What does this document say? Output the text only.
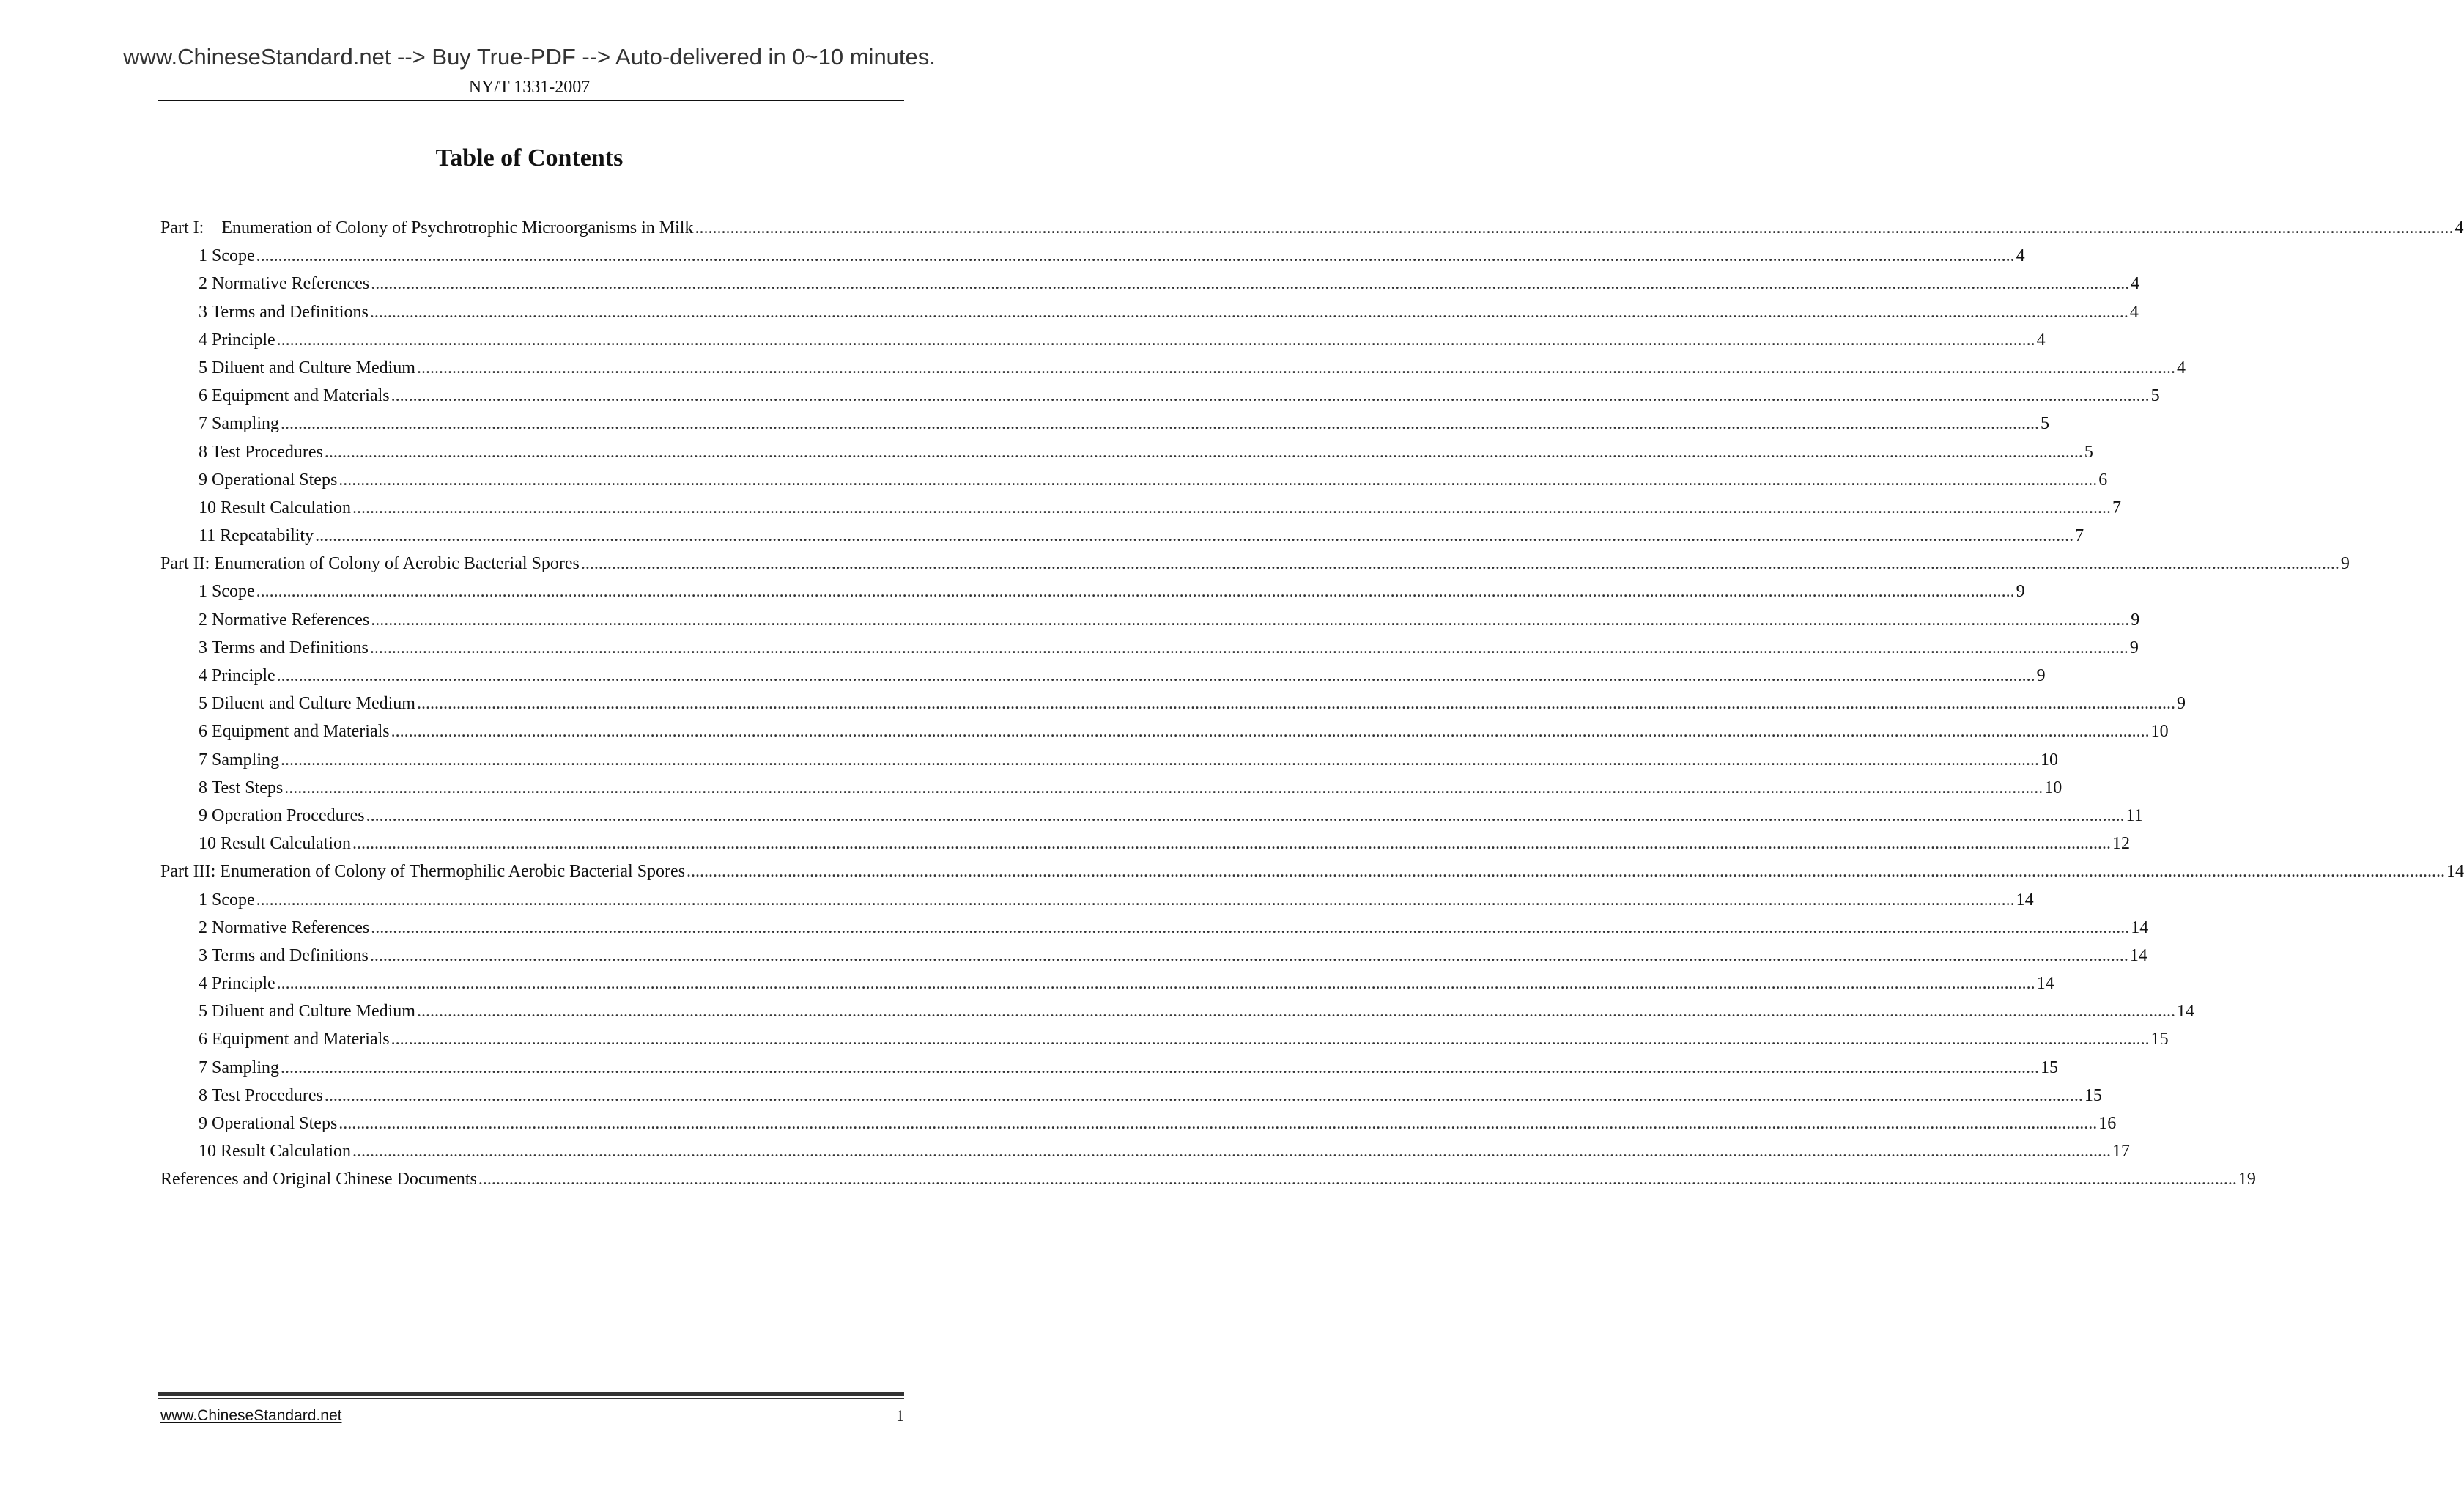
www.ChineseStandard.net --> Buy True-PDF --> Auto-delivered in 0~10 minutes.
NY/T 1331-2007
Table of Contents
Part I:    Enumeration of Colony of Psychrotrophic Microorganisms in Milk ................................................................................................................................................................................................................................................................................................................................................................................................................ 4
1 Scope ................................................................................................................................................................................................................................................................................................................................................................................................................ 4
2 Normative References ................................................................................................................................................................................................................................................................................................................................................................................................................ 4
3 Terms and Definitions ................................................................................................................................................................................................................................................................................................................................................................................................................ 4
4 Principle ................................................................................................................................................................................................................................................................................................................................................................................................................ 4
5 Diluent and Culture Medium ................................................................................................................................................................................................................................................................................................................................................................................................................ 4
6 Equipment and Materials ................................................................................................................................................................................................................................................................................................................................................................................................................ 5
7 Sampling ................................................................................................................................................................................................................................................................................................................................................................................................................ 5
8 Test Procedures ................................................................................................................................................................................................................................................................................................................................................................................................................ 5
9 Operational Steps ................................................................................................................................................................................................................................................................................................................................................................................................................ 6
10 Result Calculation ................................................................................................................................................................................................................................................................................................................................................................................................................ 7
11 Repeatability ................................................................................................................................................................................................................................................................................................................................................................................................................ 7
Part II: Enumeration of Colony of Aerobic Bacterial Spores ................................................................................................................................................................................................................................................................................................................................................................................................................ 9
1 Scope ................................................................................................................................................................................................................................................................................................................................................................................................................ 9
2 Normative References ................................................................................................................................................................................................................................................................................................................................................................................................................ 9
3 Terms and Definitions ................................................................................................................................................................................................................................................................................................................................................................................................................ 9
4 Principle ................................................................................................................................................................................................................................................................................................................................................................................................................ 9
5 Diluent and Culture Medium ................................................................................................................................................................................................................................................................................................................................................................................................................ 9
6 Equipment and Materials ................................................................................................................................................................................................................................................................................................................................................................................................................ 10
7 Sampling ................................................................................................................................................................................................................................................................................................................................................................................................................ 10
8 Test Steps ................................................................................................................................................................................................................................................................................................................................................................................................................ 10
9 Operation Procedures ................................................................................................................................................................................................................................................................................................................................................................................................................ 11
10 Result Calculation ................................................................................................................................................................................................................................................................................................................................................................................................................ 12
Part III: Enumeration of Colony of Thermophilic Aerobic Bacterial Spores ................................................................................................................................................................................................................................................................................................................................................................................................................ 14
1 Scope ................................................................................................................................................................................................................................................................................................................................................................................................................ 14
2 Normative References ................................................................................................................................................................................................................................................................................................................................................................................................................ 14
3 Terms and Definitions ................................................................................................................................................................................................................................................................................................................................................................................................................ 14
4 Principle ................................................................................................................................................................................................................................................................................................................................................................................................................ 14
5 Diluent and Culture Medium ................................................................................................................................................................................................................................................................................................................................................................................................................ 14
6 Equipment and Materials ................................................................................................................................................................................................................................................................................................................................................................................................................ 15
7 Sampling ................................................................................................................................................................................................................................................................................................................................................................................................................ 15
8 Test Procedures ................................................................................................................................................................................................................................................................................................................................................................................................................ 15
9 Operational Steps ................................................................................................................................................................................................................................................................................................................................................................................................................ 16
10 Result Calculation ................................................................................................................................................................................................................................................................................................................................................................................................................ 17
References and Original Chinese Documents ................................................................................................................................................................................................................................................................................................................................................................................................................ 19
www.ChineseStandard.net	1
